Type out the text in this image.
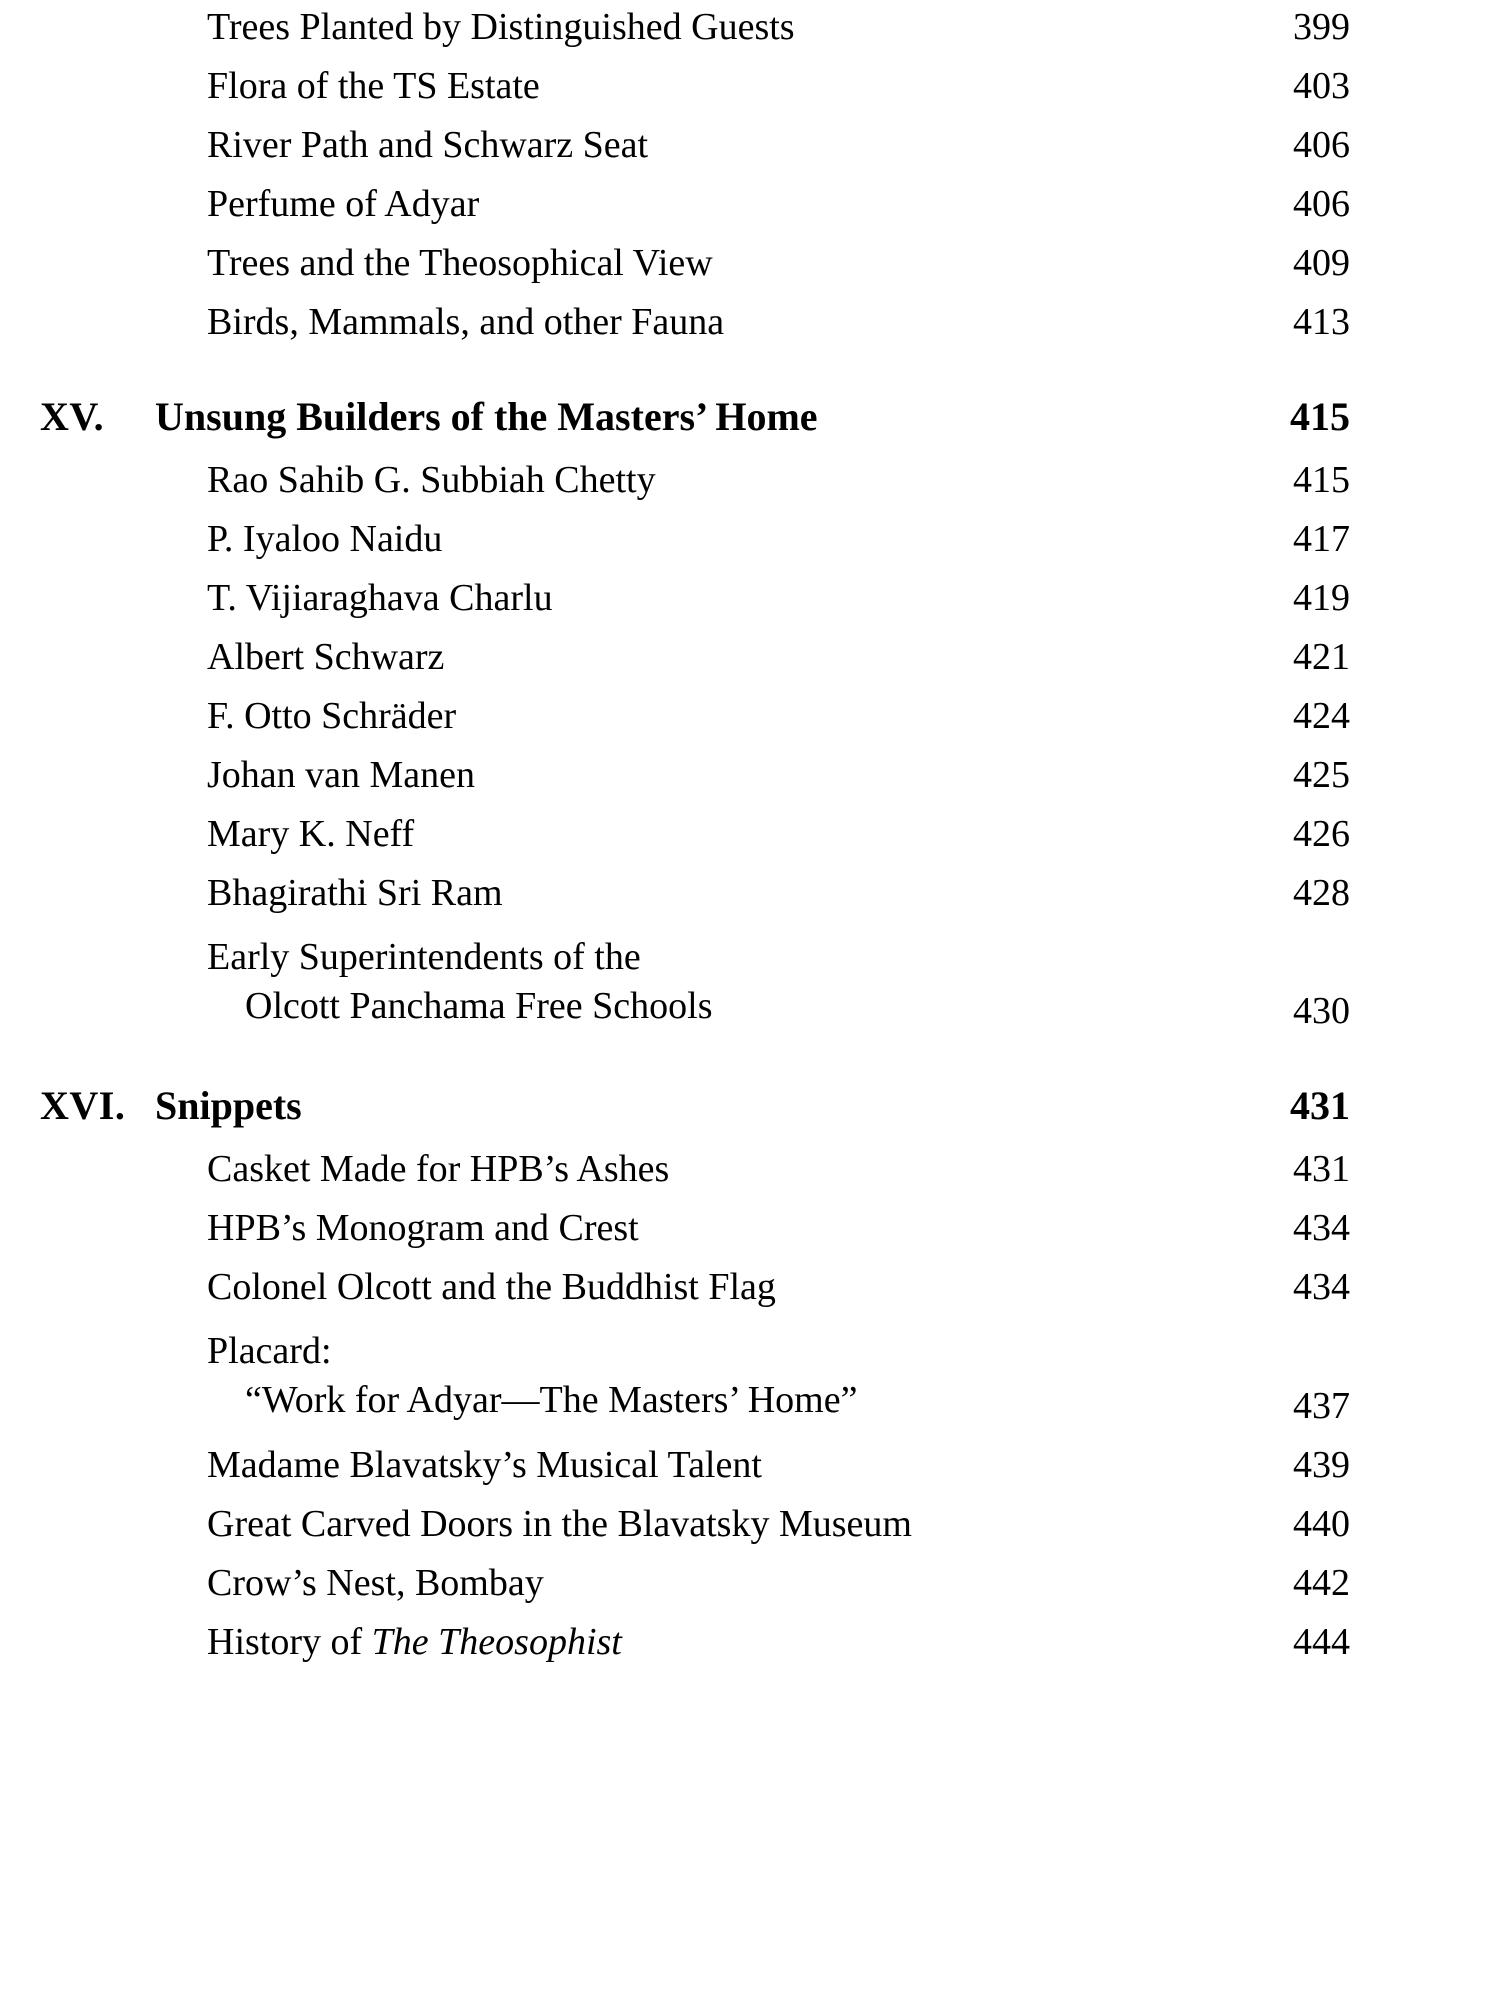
Trees Planted by Distinguished Guests	399
Flora of the TS Estate	403
River Path and Schwarz Seat	406
Perfume of Adyar	406
Trees and the Theosophical View	409
Birds, Mammals, and other Fauna	413
XV.	Unsung Builders of the Masters’ Home	415
Rao Sahib G. Subbiah Chetty	415
P. Iyaloo Naidu	417
T. Vijiaraghava Charlu	419
Albert Schwarz	421
F. Otto Schräder	424
Johan van Manen	425
Mary K. Neff	426
Bhagirathi Sri Ram	428
Early Superintendents of the
Olcott Panchama Free Schools	430
XVI. Snippets	431
Casket Made for HPB’s Ashes	431
HPB’s Monogram and Crest	434
Colonel Olcott and the Buddhist Flag	434
Placard:
“Work for Adyar—The Masters’ Home”	437
Madame Blavatsky’s Musical Talent	439
Great Carved Doors in the Blavatsky Museum	440
Crow’s Nest, Bombay	442
History of The Theosophist	444
